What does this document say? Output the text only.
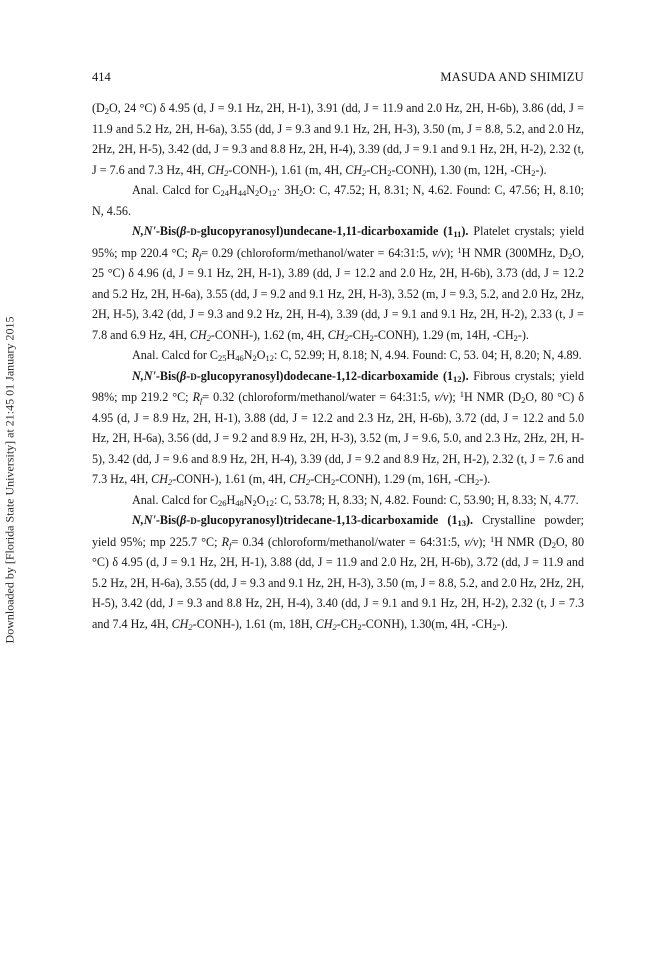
414	MASUDA AND SHIMIZU
Downloaded by [Florida State University] at 21:45 01 January 2015

($D_2O$, 24 °C) δ 4.95 (d, J = 9.1 Hz, 2H, H-1), 3.91 (dd, J = 11.9 and 2.0 Hz, 2H, H-6b), 3.86 (dd, J = 11.9 and 5.2 Hz, 2H, H-6a), 3.55 (dd, J = 9.3 and 9.1 Hz, 2H, H-3), 3.50 (m, J = 8.8, 5.2, and 2.0 Hz, 2Hz, 2H, H-5), 3.42 (dd, J = 9.3 and 8.8 Hz, 2H, H-4), 3.39 (dd, J = 9.1 and 9.1 Hz, 2H, H-2), 2.32 (t, J = 7.6 and 7.3 Hz, 4H, $CH_2-CONH-$), 1.61 (m, 4H, $CH_2-CH_2-CONH$), 1.30 (m, 12H, $-CH_2-$).

Anal. Calcd for $C_{24}H_{44}N_2O_{12}\cdot 3H_2O$: C, 47.52; H, 8.31; N, 4.62. Found: C, 47.56; H, 8.10; N, 4.56.

N,N'-Bis(β-D-glucopyranosyl)undecane-1,11-dicarboxamide $(1_{11})$. Platelet crystals; yield 95%; mp 220.4 °C; $R_f= 0.29$ (chloroform/methanol/water = 64:31:5, v/v); $^1$H NMR (300MHz, $D_2O$, 25 °C) δ 4.96 (d, J = 9.1 Hz, 2H, H-1), 3.89 (dd, J = 12.2 and 2.0 Hz, 2H, H-6b), 3.73 (dd, J = 12.2 and 5.2 Hz, 2H, H-6a), 3.55 (dd, J = 9.2 and 9.1 Hz, 2H, H-3), 3.52 (m, J = 9.3, 5.2, and 2.0 Hz, 2Hz, 2H, H-5), 3.42 (dd, J = 9.3 and 9.2 Hz, 2H, H-4), 3.39 (dd, J = 9.1 and 9.1 Hz, 2H, H-2), 2.33 (t, J = 7.8 and 6.9 Hz, 4H, $CH_2-CONH-$), 1.62 (m, 4H, $CH_2-CH_2-CONH$), 1.29 (m, 14H, $-CH_2-$).

Anal. Calcd for $C_{25}H_{46}N_2O_{12}$: C, 52.99; H, 8.18; N, 4.94. Found: C, 53. 04; H, 8.20; N, 4.89.

N,N'-Bis(β-D-glucopyranosyl)dodecane-1,12-dicarboxamide $(1_{12})$. Fibrous crystals; yield 98%; mp 219.2 °C; $R_f= 0.32$ (chloroform/methanol/water = 64:31:5, v/v); $^1$H NMR ($D_2O$, 80 °C) δ 4.95 (d, J = 8.9 Hz, 2H, H-1), 3.88 (dd, J = 12.2 and 2.3 Hz, 2H, H-6b), 3.72 (dd, J = 12.2 and 5.0 Hz, 2H, H-6a), 3.56 (dd, J = 9.2 and 8.9 Hz, 2H, H-3), 3.52 (m, J = 9.6, 5.0, and 2.3 Hz, 2Hz, 2H, H-5), 3.42 (dd, J = 9.6 and 8.9 Hz, 2H, H-4), 3.39 (dd, J = 9.2 and 8.9 Hz, 2H, H-2), 2.32 (t, J = 7.6 and 7.3 Hz, 4H, $CH_2-CONH-$), 1.61 (m, 4H, $CH_2-CH_2-CONH$), 1.29 (m, 16H, $-CH_2-$).

Anal. Calcd for $C_{26}H_{48}N_2O_{12}$: C, 53.78; H, 8.33; N, 4.82. Found: C, 53.90; H, 8.33; N, 4.77.

N,N'-Bis(β-D-glucopyranosyl)tridecane-1,13-dicarboxamide $(1_{13})$. Crystalline powder; yield 95%; mp 225.7 °C; $R_f= 0.34$ (chloroform/methanol/water = 64:31:5, v/v); $^1$H NMR ($D_2O$, 80 °C) δ 4.95 (d, J = 9.1 Hz, 2H, H-1), 3.88 (dd, J = 11.9 and 2.0 Hz, 2H, H-6b), 3.72 (dd, J = 11.9 and 5.2 Hz, 2H, H-6a), 3.55 (dd, J = 9.3 and 9.1 Hz, 2H, H-3), 3.50 (m, J = 8.8, 5.2, and 2.0 Hz, 2Hz, 2H, H-5), 3.42 (dd, J = 9.3 and 8.8 Hz, 2H, H-4), 3.40 (dd, J = 9.1 and 9.1 Hz, 2H, H-2), 2.32 (t, J = 7.3 and 7.4 Hz, 4H, $CH_2-CONH-$), 1.61 (m, 18H, $CH_2-CH_2-CONH$), 1.30(m, 4H, $-CH_2-$).
